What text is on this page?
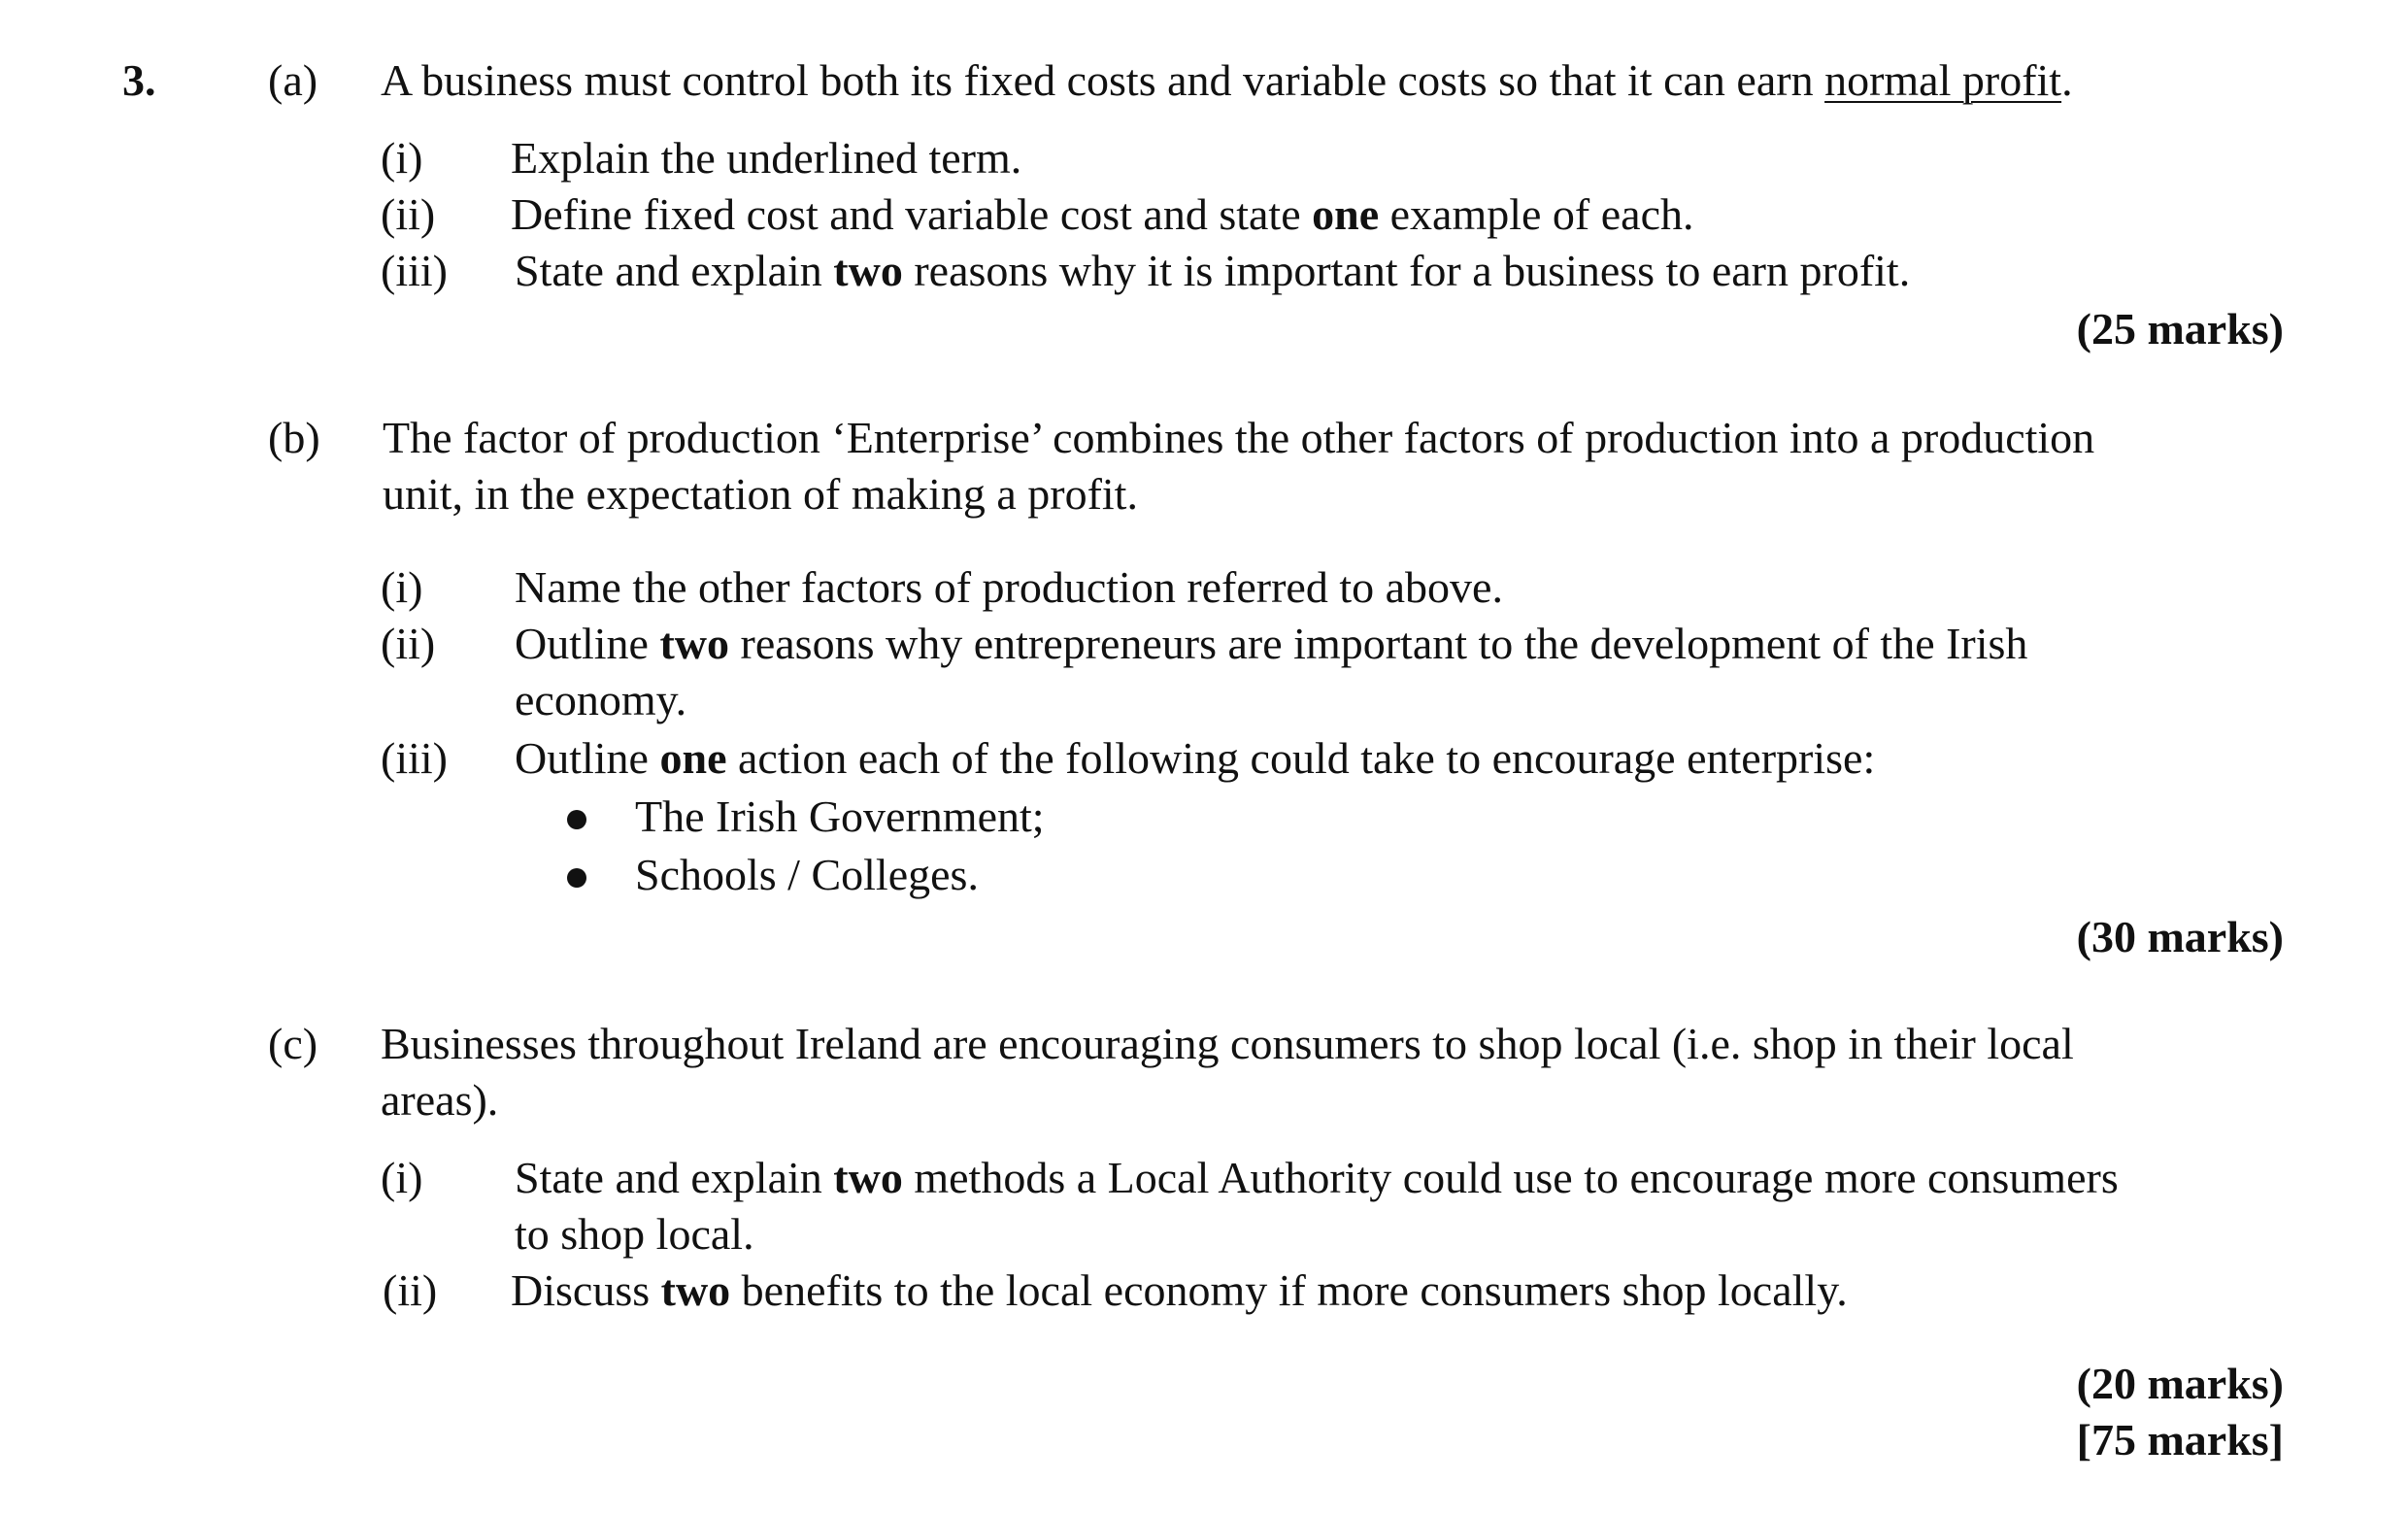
3.	(a) A business must control both its fixed costs and variable costs so that it can earn normal profit.
(i) Explain the underlined term.
(ii) Define fixed cost and variable cost and state one example of each.
(iii) State and explain two reasons why it is important for a business to earn profit.
(25 marks)
(b) The factor of production ‘Enterprise’ combines the other factors of production into a production
unit, in the expectation of making a profit.
(i) Name the other factors of production referred to above.
(ii) Outline two reasons why entrepreneurs are important to the development of the Irish
economy.
(iii) Outline one action each of the following could take to encourage enterprise:
The Irish Government;
Schools / Colleges.
(30 marks)
(c) Businesses throughout Ireland are encouraging consumers to shop local (i.e. shop in their local
areas).
(i) State and explain two methods a Local Authority could use to encourage more consumers
to shop local.
(ii) Discuss two benefits to the local economy if more consumers shop locally.
(20 marks)
[75 marks]
